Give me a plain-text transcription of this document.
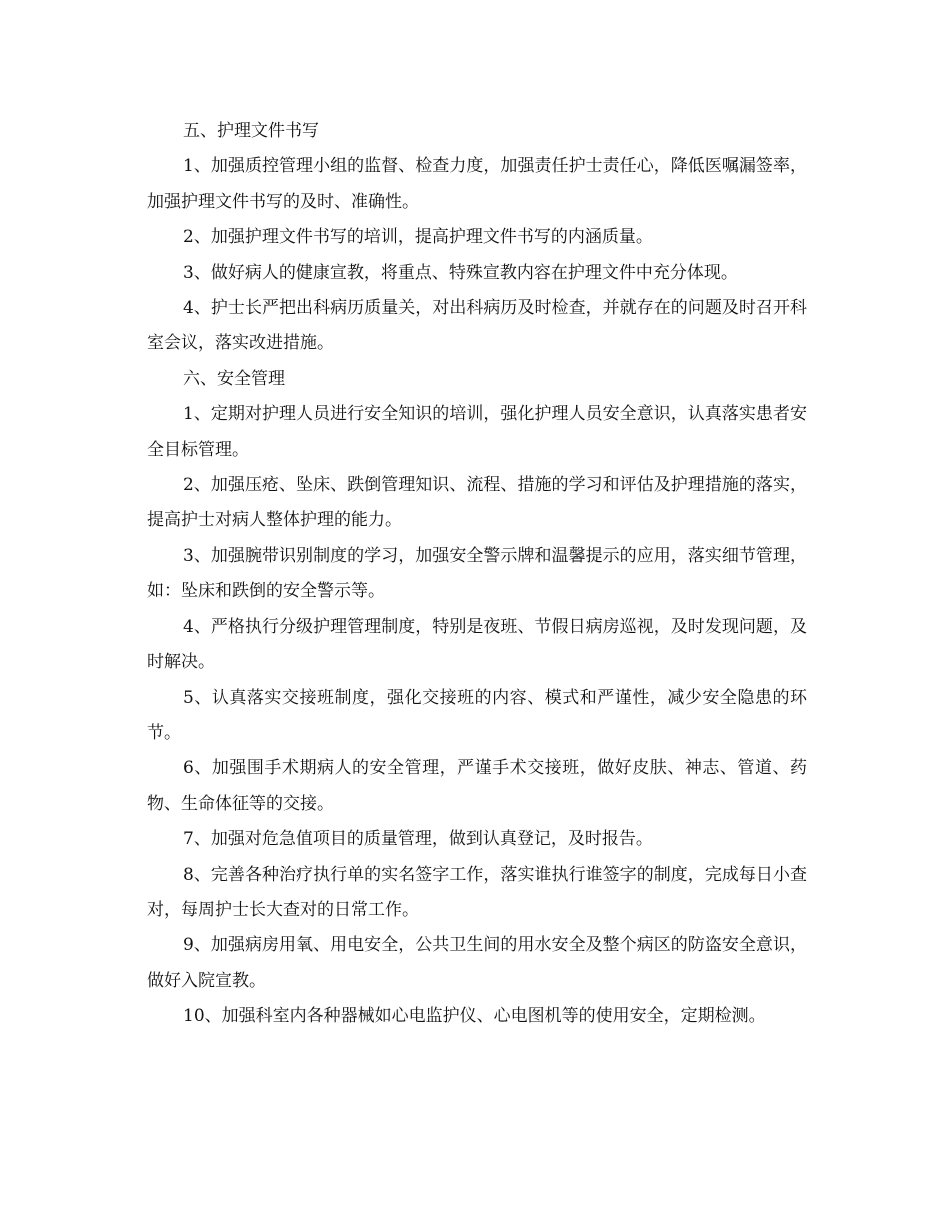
五、护理文件书写

1、加强质控管理小组的监督、检查力度，加强责任护士责任心，降低医嘱漏签率，加强护理文件书写的及时、准确性。

2、加强护理文件书写的培训，提高护理文件书写的内涵质量。

3、做好病人的健康宣教，将重点、特殊宣教内容在护理文件中充分体现。

4、护士长严把出科病历质量关，对出科病历及时检查，并就存在的问题及时召开科室会议，落实改进措施。

六、安全管理

1、定期对护理人员进行安全知识的培训，强化护理人员安全意识，认真落实患者安全目标管理。

2、加强压疮、坠床、跌倒管理知识、流程、措施的学习和评估及护理措施的落实，提高护士对病人整体护理的能力。

3、加强腕带识别制度的学习，加强安全警示牌和温馨提示的应用，落实细节管理，如：坠床和跌倒的安全警示等。

4、严格执行分级护理管理制度，特别是夜班、节假日病房巡视，及时发现问题，及时解决。

5、认真落实交接班制度，强化交接班的内容、模式和严谨性，减少安全隐患的环节。

6、加强围手术期病人的安全管理，严谨手术交接班，做好皮肤、神志、管道、药物、生命体征等的交接。

7、加强对危急值项目的质量管理，做到认真登记，及时报告。

8、完善各种治疗执行单的实名签字工作，落实谁执行谁签字的制度，完成每日小查对，每周护士长大查对的日常工作。

9、加强病房用氧、用电安全，公共卫生间的用水安全及整个病区的防盗安全意识，做好入院宣教。

10、加强科室内各种器械如心电监护仪、心电图机等的使用安全，定期检测。
